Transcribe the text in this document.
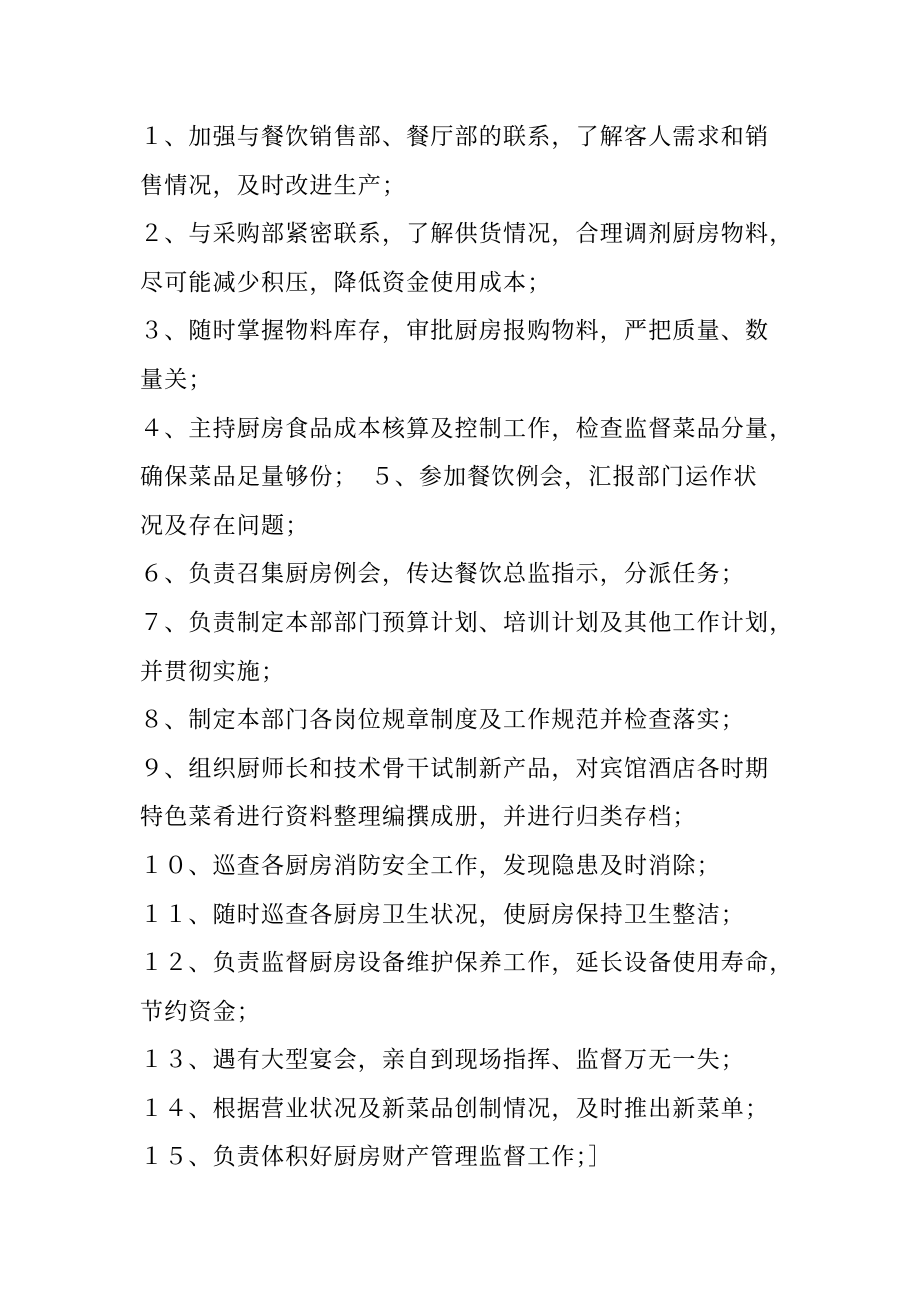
１、加强与餐饮销售部、餐厅部的联系，了解客人需求和销
售情况，及时改进生产；
２、与采购部紧密联系，了解供货情况，合理调剂厨房物料，
尽可能减少积压，降低资金使用成本；
３、随时掌握物料库存，审批厨房报购物料，严把质量、数
量关；
４、主持厨房食品成本核算及控制工作，检查监督菜品分量，
确保菜品足量够份；　５、参加餐饮例会，汇报部门运作状
况及存在问题；
６、负责召集厨房例会，传达餐饮总监指示，分派任务；
７、负责制定本部部门预算计划、培训计划及其他工作计划，
并贯彻实施；
８、制定本部门各岗位规章制度及工作规范并检查落实；
９、组织厨师长和技术骨干试制新产品，对宾馆酒店各时期
特色菜肴进行资料整理编撰成册，并进行归类存档；
１０、巡查各厨房消防安全工作，发现隐患及时消除；
１１、随时巡查各厨房卫生状况，使厨房保持卫生整洁；
１２、负责监督厨房设备维护保养工作，延长设备使用寿命，
节约资金；
１３、遇有大型宴会，亲自到现场指挥、监督万无一失；
１４、根据营业状况及新菜品创制情况，及时推出新菜单；
１５、负责体积好厨房财产管理监督工作；］
